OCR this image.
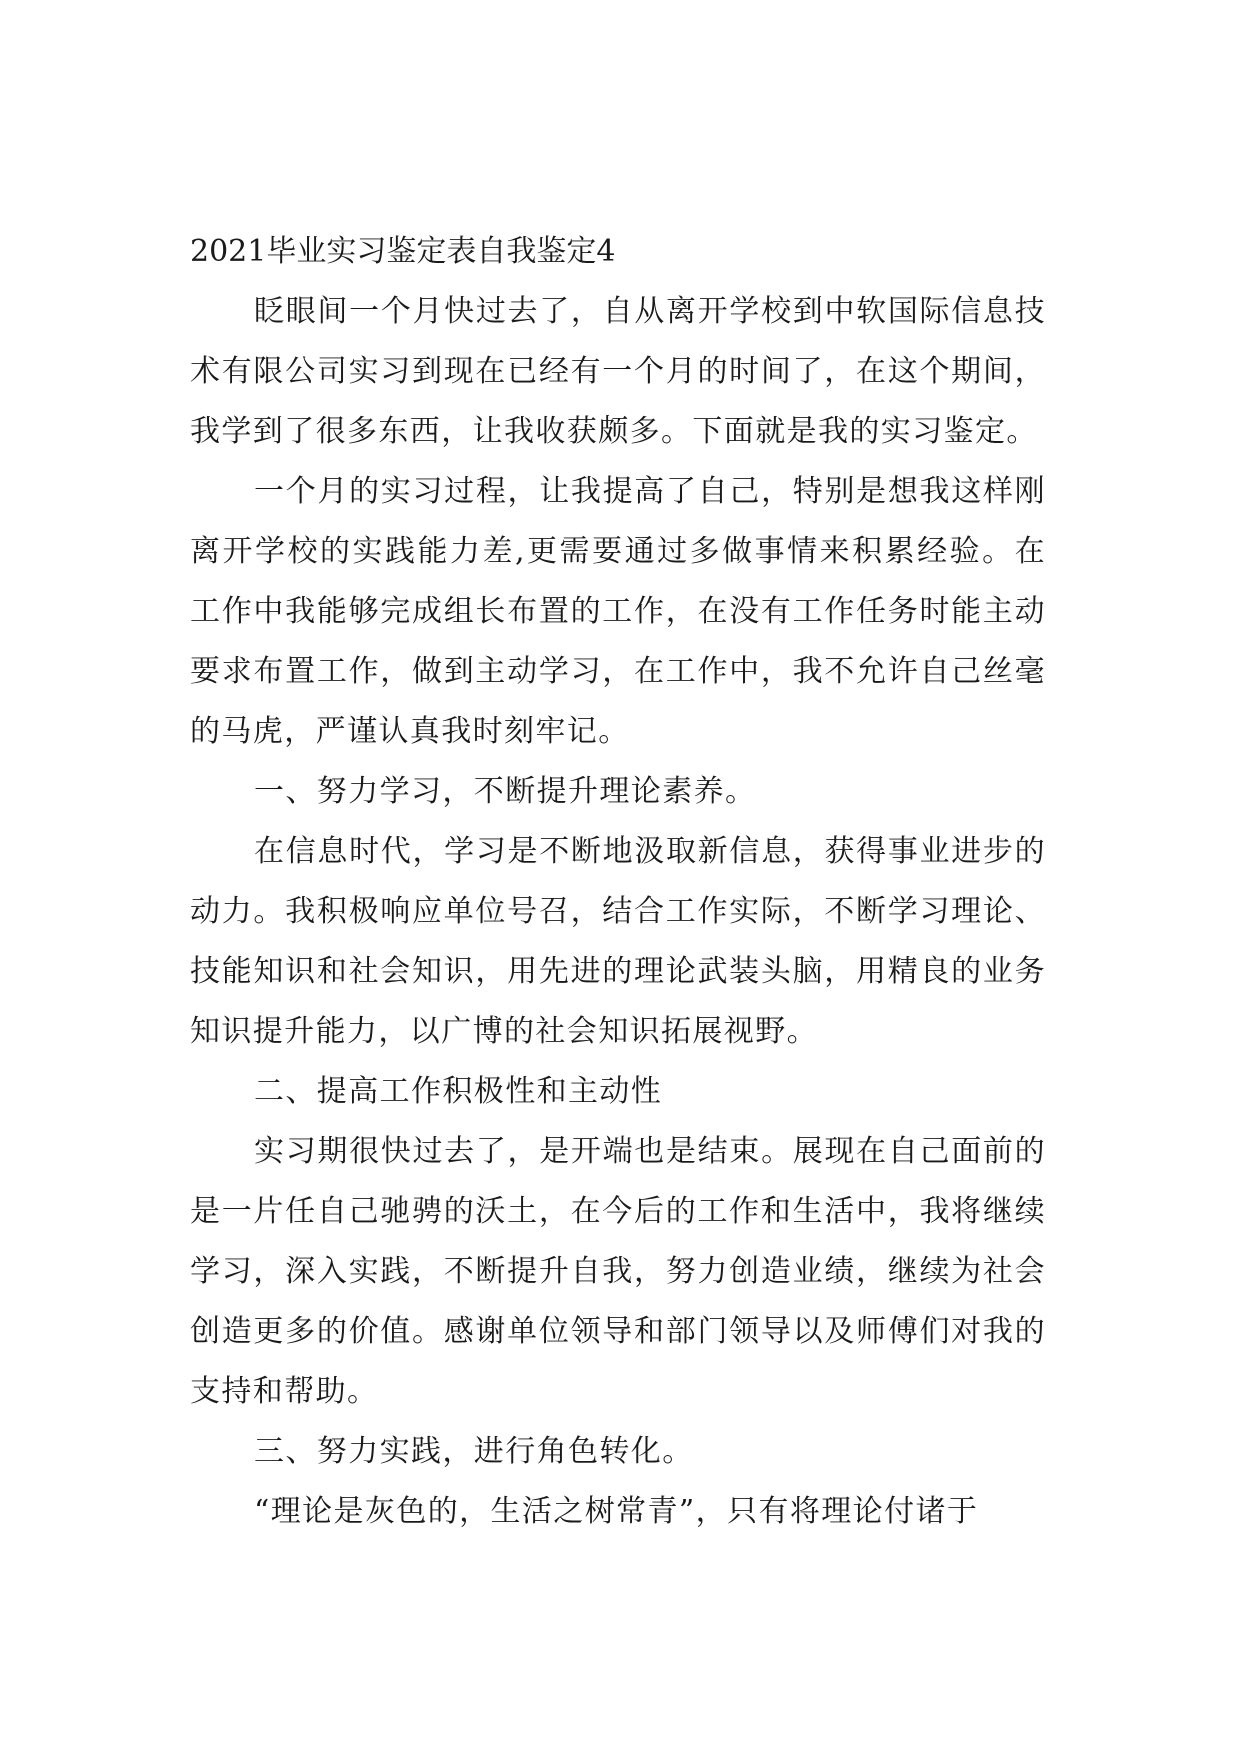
2021毕业实习鉴定表自我鉴定4

眨眼间一个月快过去了，自从离开学校到中软国际信息技术有限公司实习到现在已经有一个月的时间了，在这个期间，我学到了很多东西，让我收获颇多。下面就是我的实习鉴定。

一个月的实习过程，让我提高了自己，特别是想我这样刚离开学校的实践能力差,更需要通过多做事情来积累经验。在工作中我能够完成组长布置的工作，在没有工作任务时能主动要求布置工作，做到主动学习，在工作中，我不允许自己丝毫的马虎，严谨认真我时刻牢记。

一、努力学习，不断提升理论素养。

在信息时代，学习是不断地汲取新信息，获得事业进步的动力。我积极响应单位号召，结合工作实际，不断学习理论、技能知识和社会知识，用先进的理论武装头脑，用精良的业务知识提升能力，以广博的社会知识拓展视野。

二、提高工作积极性和主动性

实习期很快过去了，是开端也是结束。展现在自己面前的是一片任自己驰骋的沃土，在今后的工作和生活中，我将继续学习，深入实践，不断提升自我，努力创造业绩，继续为社会创造更多的价值。感谢单位领导和部门领导以及师傅们对我的支持和帮助。

三、努力实践，进行角色转化。

“理论是灰色的，生活之树常青”，只有将理论付诸于
